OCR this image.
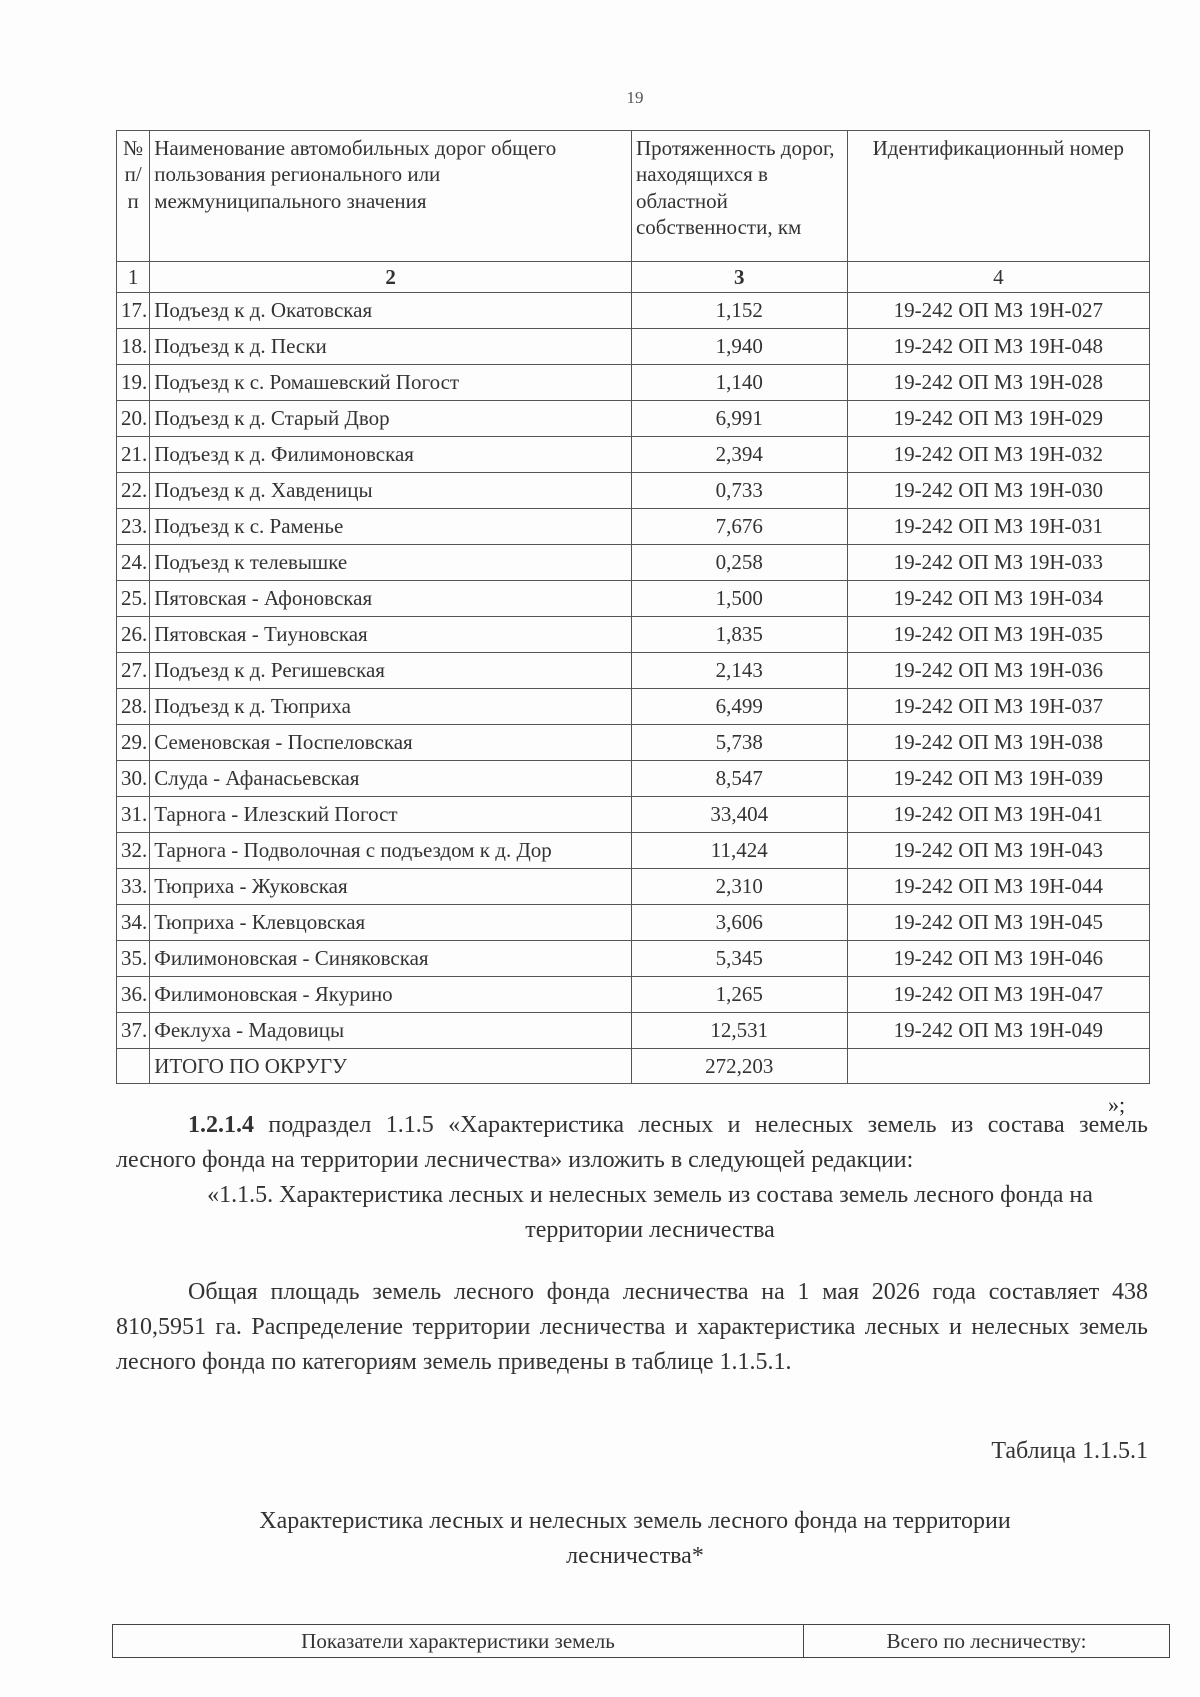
19
№ п/п	Наименование автомобильных дорог общего пользования регионального или межмуниципального значения	Протяженность дорог, находящихся в областной собственности, км	Идентификационный номер
1	2	3	4
17.	Подъезд к д. Окатовская	1,152	19-242 ОП МЗ 19Н-027
18.	Подъезд к д. Пески	1,940	19-242 ОП МЗ 19Н-048
19.	Подъезд к с. Ромашевский Погост	1,140	19-242 ОП МЗ 19Н-028
20.	Подъезд к д. Старый Двор	6,991	19-242 ОП МЗ 19Н-029
21.	Подъезд к д. Филимоновская	2,394	19-242 ОП МЗ 19Н-032
22.	Подъезд к д. Хавденицы	0,733	19-242 ОП МЗ 19Н-030
23.	Подъезд к с. Раменье	7,676	19-242 ОП МЗ 19Н-031
24.	Подъезд к телевышке	0,258	19-242 ОП МЗ 19Н-033
25.	Пятовская - Афоновская	1,500	19-242 ОП МЗ 19Н-034
26.	Пятовская - Тиуновская	1,835	19-242 ОП МЗ 19Н-035
27.	Подъезд к д. Регишевская	2,143	19-242 ОП МЗ 19Н-036
28.	Подъезд к д. Тюприха	6,499	19-242 ОП МЗ 19Н-037
29.	Семеновская - Поспеловская	5,738	19-242 ОП МЗ 19Н-038
30.	Слуда - Афанасьевская	8,547	19-242 ОП МЗ 19Н-039
31.	Тарнога - Илезский Погост	33,404	19-242 ОП МЗ 19Н-041
32.	Тарнога - Подволочная с подъездом к д. Дор	11,424	19-242 ОП МЗ 19Н-043
33.	Тюприха - Жуковская	2,310	19-242 ОП МЗ 19Н-044
34.	Тюприха - Клевцовская	3,606	19-242 ОП МЗ 19Н-045
35.	Филимоновская - Синяковская	5,345	19-242 ОП МЗ 19Н-046
36.	Филимоновская - Якурино	1,265	19-242 ОП МЗ 19Н-047
37.	Феклуха - Мадовицы	12,531	19-242 ОП МЗ 19Н-049
	ИТОГО ПО ОКРУГУ	272,203	
»;
1.2.1.4 подраздел 1.1.5 «Характеристика лесных и нелесных земель из состава земель лесного фонда на территории лесничества» изложить в следующей редакции:
«1.1.5. Характеристика лесных и нелесных земель из состава земель лесного фонда на территории лесничества
Общая площадь земель лесного фонда лесничества на 1 мая 2026 года составляет 438 810,5951 га. Распределение территории лесничества и характеристика лесных и нелесных земель лесного фонда по категориям земель приведены в таблице 1.1.5.1.
Таблица 1.1.5.1
Характеристика лесных и нелесных земель лесного фонда на территории лесничества*
Показатели характеристики земель	Всего по лесничеству:
